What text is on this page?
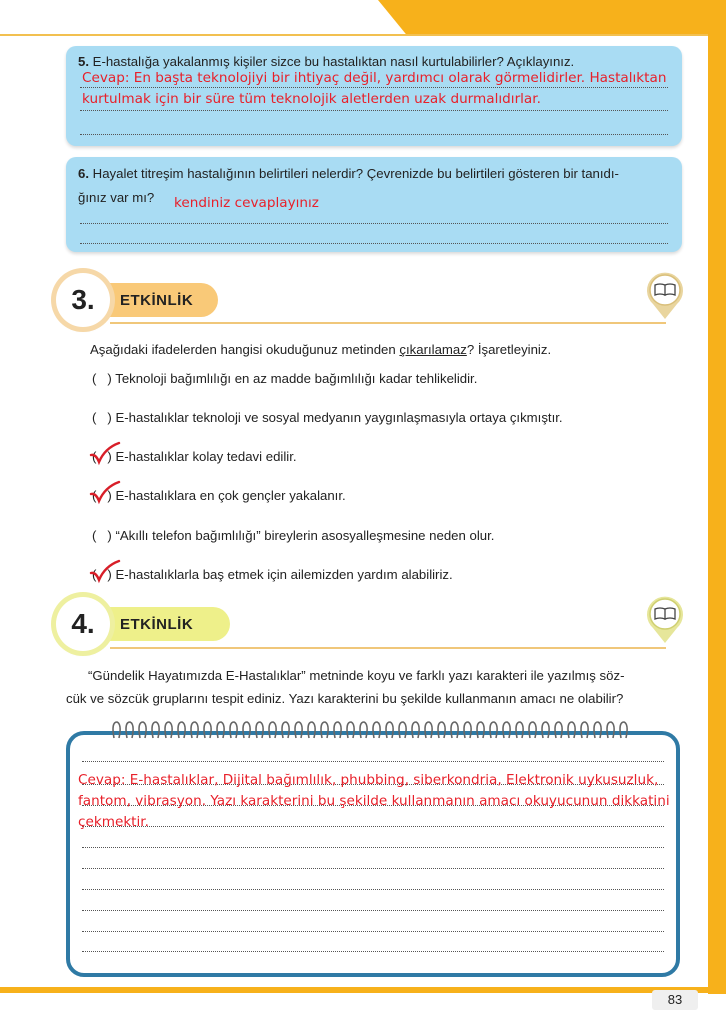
5. E-hastalığa yakalanmış kişiler sizce bu hastalıktan nasıl kurtulabilirler? Açıklayınız.
Cevap: En başta teknolojiyi bir ihtiyaç değil, yardımcı olarak görmelidirler. Hastalıktan
kurtulmak için bir süre tüm teknolojik aletlerden uzak durmalıdırlar.
6. Hayalet titreşim hastalığının belirtileri nelerdir? Çevrenizde bu belirtileri gösteren bir tanıdı-
ğınız var mı? kendiniz cevaplayınız
ETKİNLİK
3.
Aşağıdaki ifadelerden hangisi okuduğunuz metinden çıkarılamaz? İşaretleyiniz.
( ) Teknoloji bağımlılığı en az madde bağımlılığı kadar tehlikelidir.
( ) E-hastalıklar teknoloji ve sosyal medyanın yaygınlaşmasıyla ortaya çıkmıştır.
( ) E-hastalıklar kolay tedavi edilir.
( ) E-hastalıklara en çok gençler yakalanır.
( ) “Akıllı telefon bağımlılığı” bireylerin asosyalleşmesine neden olur.
( ) E-hastalıklarla baş etmek için ailemizden yardım alabiliriz.
ETKİNLİK
4.
“Gündelik Hayatımızda E-Hastalıklar” metninde koyu ve farklı yazı karakteri ile yazılmış söz-
cük ve sözcük gruplarını tespit ediniz. Yazı karakterini bu şekilde kullanmanın amacı ne olabilir?
Cevap: E-hastalıklar, Dijital bağımlılık, phubbing, siberkondria, Elektronik uykusuzluk,
fantom, vibrasyon. Yazı karakterini bu şekilde kullanmanın amacı okuyucunun dikkatini
çekmektir.
83
